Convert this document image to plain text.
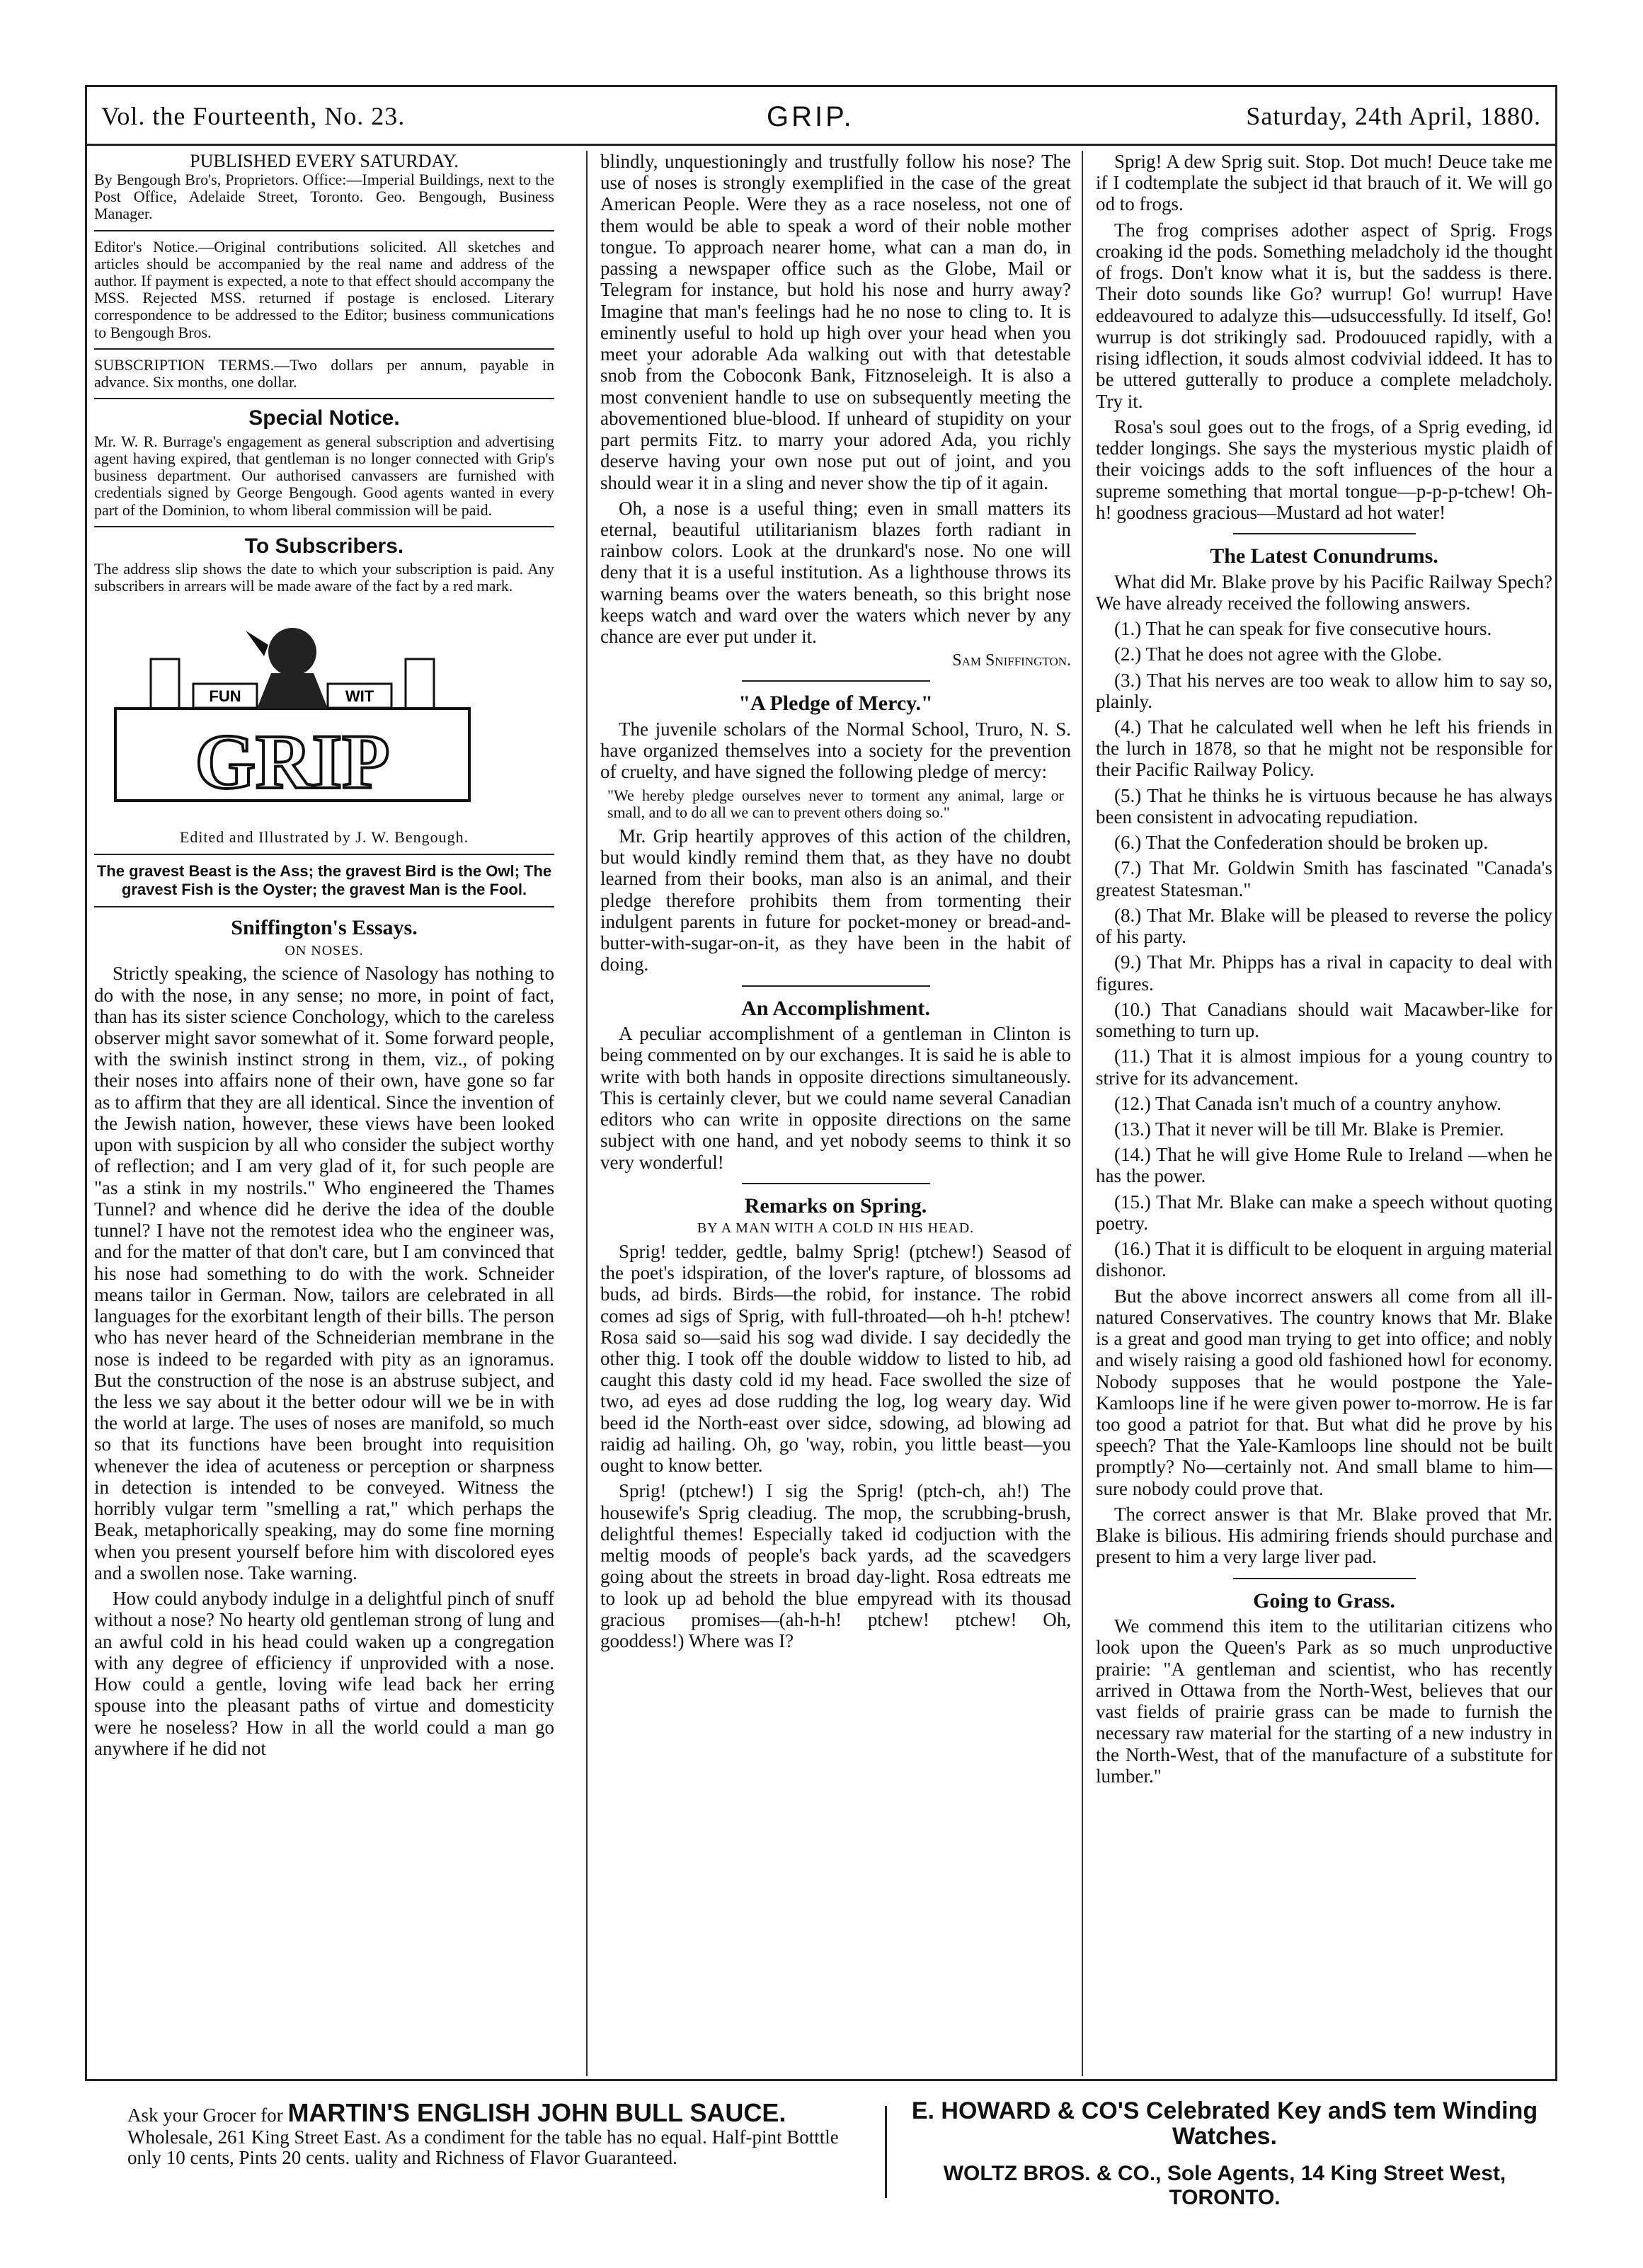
Vol. the Fourteenth, No. 23.	GRIP.	Saturday, 24th April, 1880.
PUBLISHED EVERY SATURDAY.
By Bengough Bro's, Proprietors. Office:—Imperial Buildings, next to the Post Office, Adelaide Street, Toronto. Geo. Bengough, Business Manager.
Editor's Notice.—Original contributions solicited. All sketches and articles should be accompanied by the real name and address of the author. If payment is expected, a note to that effect should accompany the MSS. Rejected MSS. returned if postage is enclosed. Literary correspondence to be addressed to the Editor; business communications to Bengough Bros.
SUBSCRIPTION TERMS.—Two dollars per annum, payable in advance. Six months, one dollar.
Special Notice.
Mr. W. R. Burrage's engagement as general subscription and advertising agent having expired, that gentleman is no longer connected with Grip's business department. Our authorised canvassers are furnished with credentials signed by George Bengough. Good agents wanted in every part of the Dominion, to whom liberal commission will be paid.
To Subscribers.
The address slip shows the date to which your subscription is paid. Any subscribers in arrears will be made aware of the fact by a red mark.
FUN	WIT
GRIP
Edited and Illustrated by J. W. Bengough.
The gravest Beast is the Ass; the gravest Bird is the Owl; The gravest Fish is the Oyster; the gravest Man is the Fool.
Sniffington's Essays.
ON NOSES.

Strictly speaking, the science of Nasology has nothing to do with the nose, in any sense; no more, in point of fact, than has its sister science Conchology, which to the careless observer might savor somewhat of it. Some forward people, with the swinish instinct strong in them, viz., of poking their noses into affairs none of their own, have gone so far as to affirm that they are all identical. Since the invention of the Jewish nation, however, these views have been looked upon with suspicion by all who consider the subject worthy of reflection; and I am very glad of it, for such people are "as a stink in my nostrils." Who engineered the Thames Tunnel? and whence did he derive the idea of the double tunnel? I have not the remotest idea who the engineer was, and for the matter of that don't care, but I am convinced that his nose had something to do with the work. Schneider means tailor in German. Now, tailors are celebrated in all languages for the exorbitant length of their bills. The person who has never heard of the Schneiderian membrane in the nose is indeed to be regarded with pity as an ignoramus. But the construction of the nose is an abstruse subject, and the less we say about it the better odour will we be in with the world at large. The uses of noses are manifold, so much so that its functions have been brought into requisition whenever the idea of acuteness or perception or sharpness in detection is intended to be conveyed. Witness the horribly vulgar term "smelling a rat," which perhaps the Beak, metaphorically speaking, may do some fine morning when you present yourself before him with discolored eyes and a swollen nose. Take warning.

How could anybody indulge in a delightful pinch of snuff without a nose? No hearty old gentleman strong of lung and an awful cold in his head could waken up a congregation with any degree of efficiency if unprovided with a nose. How could a gentle, loving wife lead back her erring spouse into the pleasant paths of virtue and domesticity were he noseless? How in all the world could a man go anywhere if he did not

blindly, unquestioningly and trustfully follow his nose? The use of noses is strongly exemplified in the case of the great American People. Were they as a race noseless, not one of them would be able to speak a word of their noble mother tongue. To approach nearer home, what can a man do, in passing a newspaper office such as the Globe, Mail or Telegram for instance, but hold his nose and hurry away? Imagine that man's feelings had he no nose to cling to. It is eminently useful to hold up high over your head when you meet your adorable Ada walking out with that detestable snob from the Coboconk Bank, Fitznoseleigh. It is also a most convenient handle to use on subsequently meeting the abovementioned blue-blood. If unheard of stupidity on your part permits Fitz. to marry your adored Ada, you richly deserve having your own nose put out of joint, and you should wear it in a sling and never show the tip of it again.

Oh, a nose is a useful thing; even in small matters its eternal, beautiful utilitarianism blazes forth radiant in rainbow colors. Look at the drunkard's nose. No one will deny that it is a useful institution. As a lighthouse throws its warning beams over the waters beneath, so this bright nose keeps watch and ward over the waters which never by any chance are ever put under it.

Sam Sniffington.
"A Pledge of Mercy."

The juvenile scholars of the Normal School, Truro, N. S. have organized themselves into a society for the prevention of cruelty, and have signed the following pledge of mercy:

"We hereby pledge ourselves never to torment any animal, large or small, and to do all we can to prevent others doing so."

Mr. Grip heartily approves of this action of the children, but would kindly remind them that, as they have no doubt learned from their books, man also is an animal, and their pledge therefore prohibits them from tormenting their indulgent parents in future for pocket-money or bread-and-butter-with-sugar-on-it, as they have been in the habit of doing.

An Accomplishment.

A peculiar accomplishment of a gentleman in Clinton is being commented on by our exchanges. It is said he is able to write with both hands in opposite directions simultaneously. This is certainly clever, but we could name several Canadian editors who can write in opposite directions on the same subject with one hand, and yet nobody seems to think it so very wonderful!

Remarks on Spring.
BY A MAN WITH A COLD IN HIS HEAD.

Sprig! tedder, gedtle, balmy Sprig! (ptchew!) Seasod of the poet's idspiration, of the lover's rapture, of blossoms ad buds, ad birds. Birds—the robid, for instance. The robid comes ad sigs of Sprig, with full-throated—oh h-h! ptchew! Rosa said so—said his sog wad divide. I say decidedly the other thig. I took off the double widdow to listed to hib, ad caught this dasty cold id my head. Face swolled the size of two, ad eyes ad dose rudding the log, log weary day. Wid beed id the North-east over sidce, sdowing, ad blowing ad raidig ad hailing. Oh, go 'way, robin, you little beast—you ought to know better.

Sprig! (ptchew!) I sig the Sprig! (ptch-ch, ah!) The housewife's Sprig cleadiug. The mop, the scrubbing-brush, delightful themes! Especially taked id codjuction with the meltig moods of people's back yards, ad the scavedgers going about the streets in broad day-light. Rosa edtreats me to look up ad behold the blue empyread with its thousad gracious promises—(ah-h-h! ptchew! ptchew! Oh, gooddess!) Where was I?

Sprig! A dew Sprig suit. Stop. Dot much! Deuce take me if I codtemplate the subject id that brauch of it. We will go od to frogs.

The frog comprises adother aspect of Sprig. Frogs croaking id the pods. Something meladcholy id the thought of frogs. Don't know what it is, but the saddess is there. Their doto sounds like Go? wurrup! Go! wurrup! Have eddeavoured to adalyze this—udsuccessfully. Id itself, Go! wurrup is dot strikingly sad. Prodouuced rapidly, with a rising idflection, it souds almost codvivial iddeed. It has to be uttered gutterally to produce a complete meladcholy. Try it.

Rosa's soul goes out to the frogs, of a Sprig eveding, id tedder longings. She says the mysterious mystic plaidh of their voicings adds to the soft influences of the hour a supreme something that mortal tongue—p-p-p-tchew! Oh-h! goodness gracious—Mustard ad hot water!

The Latest Conundrums.

What did Mr. Blake prove by his Pacific Railway Spech? We have already received the following answers.

(1.) That he can speak for five consecutive hours.

(2.) That he does not agree with the Globe.

(3.) That his nerves are too weak to allow him to say so, plainly.

(4.) That he calculated well when he left his friends in the lurch in 1878, so that he might not be responsible for their Pacific Railway Policy.

(5.) That he thinks he is virtuous because he has always been consistent in advocating repudiation.

(6.) That the Confederation should be broken up.

(7.) That Mr. Goldwin Smith has fascinated "Canada's greatest Statesman."

(8.) That Mr. Blake will be pleased to reverse the policy of his party.

(9.) That Mr. Phipps has a rival in capacity to deal with figures.

(10.) That Canadians should wait Macawber-like for something to turn up.

(11.) That it is almost impious for a young country to strive for its advancement.

(12.) That Canada isn't much of a country anyhow.

(13.) That it never will be till Mr. Blake is Premier.

(14.) That he will give Home Rule to Ireland —when he has the power.

(15.) That Mr. Blake can make a speech without quoting poetry.

(16.) That it is difficult to be eloquent in arguing material dishonor.

But the above incorrect answers all come from all ill-natured Conservatives. The country knows that Mr. Blake is a great and good man trying to get into office; and nobly and wisely raising a good old fashioned howl for economy. Nobody supposes that he would postpone the Yale-Kamloops line if he were given power to-morrow. He is far too good a patriot for that. But what did he prove by his speech? That the Yale-Kamloops line should not be built promptly? No—certainly not. And small blame to him—sure nobody could prove that.

The correct answer is that Mr. Blake proved that Mr. Blake is bilious. His admiring friends should purchase and present to him a very large liver pad.

Going to Grass.

We commend this item to the utilitarian citizens who look upon the Queen's Park as so much unproductive prairie: "A gentleman and scientist, who has recently arrived in Ottawa from the North-West, believes that our vast fields of prairie grass can be made to furnish the necessary raw material for the starting of a new industry in the North-West, that of the manufacture of a substitute for lumber."

Ask your Grocer for MARTIN'S ENGLISH JOHN BULL SAUCE. Wholesale, 261 King Street East. As a condiment for the table has no equal. Half-pint Botttle only 10 cents, Pints 20 cents. uality and Richness of Flavor Guaranteed.
E. HOWARD & CO'S Celebrated Key andS tem Winding Watches.
WOLTZ BROS. & CO., Sole Agents, 14 King Street West, TORONTO.
